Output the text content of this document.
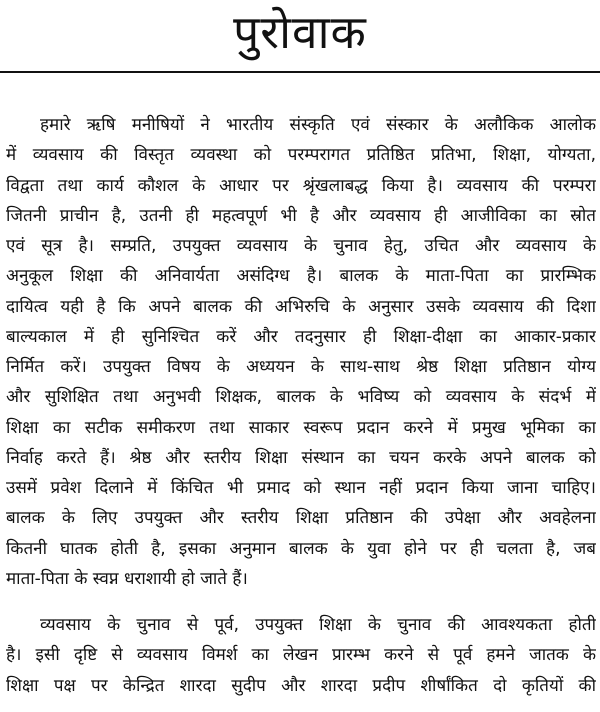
पुरोवाक
हमारे ऋषि मनीषियों ने भारतीय संस्कृति एवं संस्कार के अलौकिक आलोक
में व्यवसाय की विस्तृत व्यवस्था को परम्परागत प्रतिष्ठित प्रतिभा, शिक्षा, योग्यता,
विद्वता तथा कार्य कौशल के आधार पर श्रृंखलाबद्ध किया है। व्यवसाय की परम्परा
जितनी प्राचीन है, उतनी ही महत्वपूर्ण भी है और व्यवसाय ही आजीविका का स्रोत
एवं सूत्र है। सम्प्रति, उपयुक्त व्यवसाय के चुनाव हेतु, उचित और व्यवसाय के
अनुकूल शिक्षा की अनिवार्यता असंदिग्ध है। बालक के माता-पिता का प्रारम्भिक
दायित्व यही है कि अपने बालक की अभिरुचि के अनुसार उसके व्यवसाय की दिशा
बाल्यकाल में ही सुनिश्चित करें और तदनुसार ही शिक्षा-दीक्षा का आकार-प्रकार
निर्मित करें। उपयुक्त विषय के अध्ययन के साथ-साथ श्रेष्ठ शिक्षा प्रतिष्ठान योग्य
और सुशिक्षित तथा अनुभवी शिक्षक, बालक के भविष्य को व्यवसाय के संदर्भ में
शिक्षा का सटीक समीकरण तथा साकार स्वरूप प्रदान करने में प्रमुख भूमिका का
निर्वाह करते हैं। श्रेष्ठ और स्तरीय शिक्षा संस्थान का चयन करके अपने बालक को
उसमें प्रवेश दिलाने में किंचित भी प्रमाद को स्थान नहीं प्रदान किया जाना चाहिए।
बालक के लिए उपयुक्त और स्तरीय शिक्षा प्रतिष्ठान की उपेक्षा और अवहेलना
कितनी घातक होती है, इसका अनुमान बालक के युवा होने पर ही चलता है, जब
माता-पिता के स्वप्न धराशायी हो जाते हैं।
व्यवसाय के चुनाव से पूर्व, उपयुक्त शिक्षा के चुनाव की आवश्यकता होती
है। इसी दृष्टि से व्यवसाय विमर्श का लेखन प्रारम्भ करने से पूर्व हमने जातक के
शिक्षा पक्ष पर केन्द्रित शारदा सुदीप और शारदा प्रदीप शीर्षांकित दो कृतियों की
